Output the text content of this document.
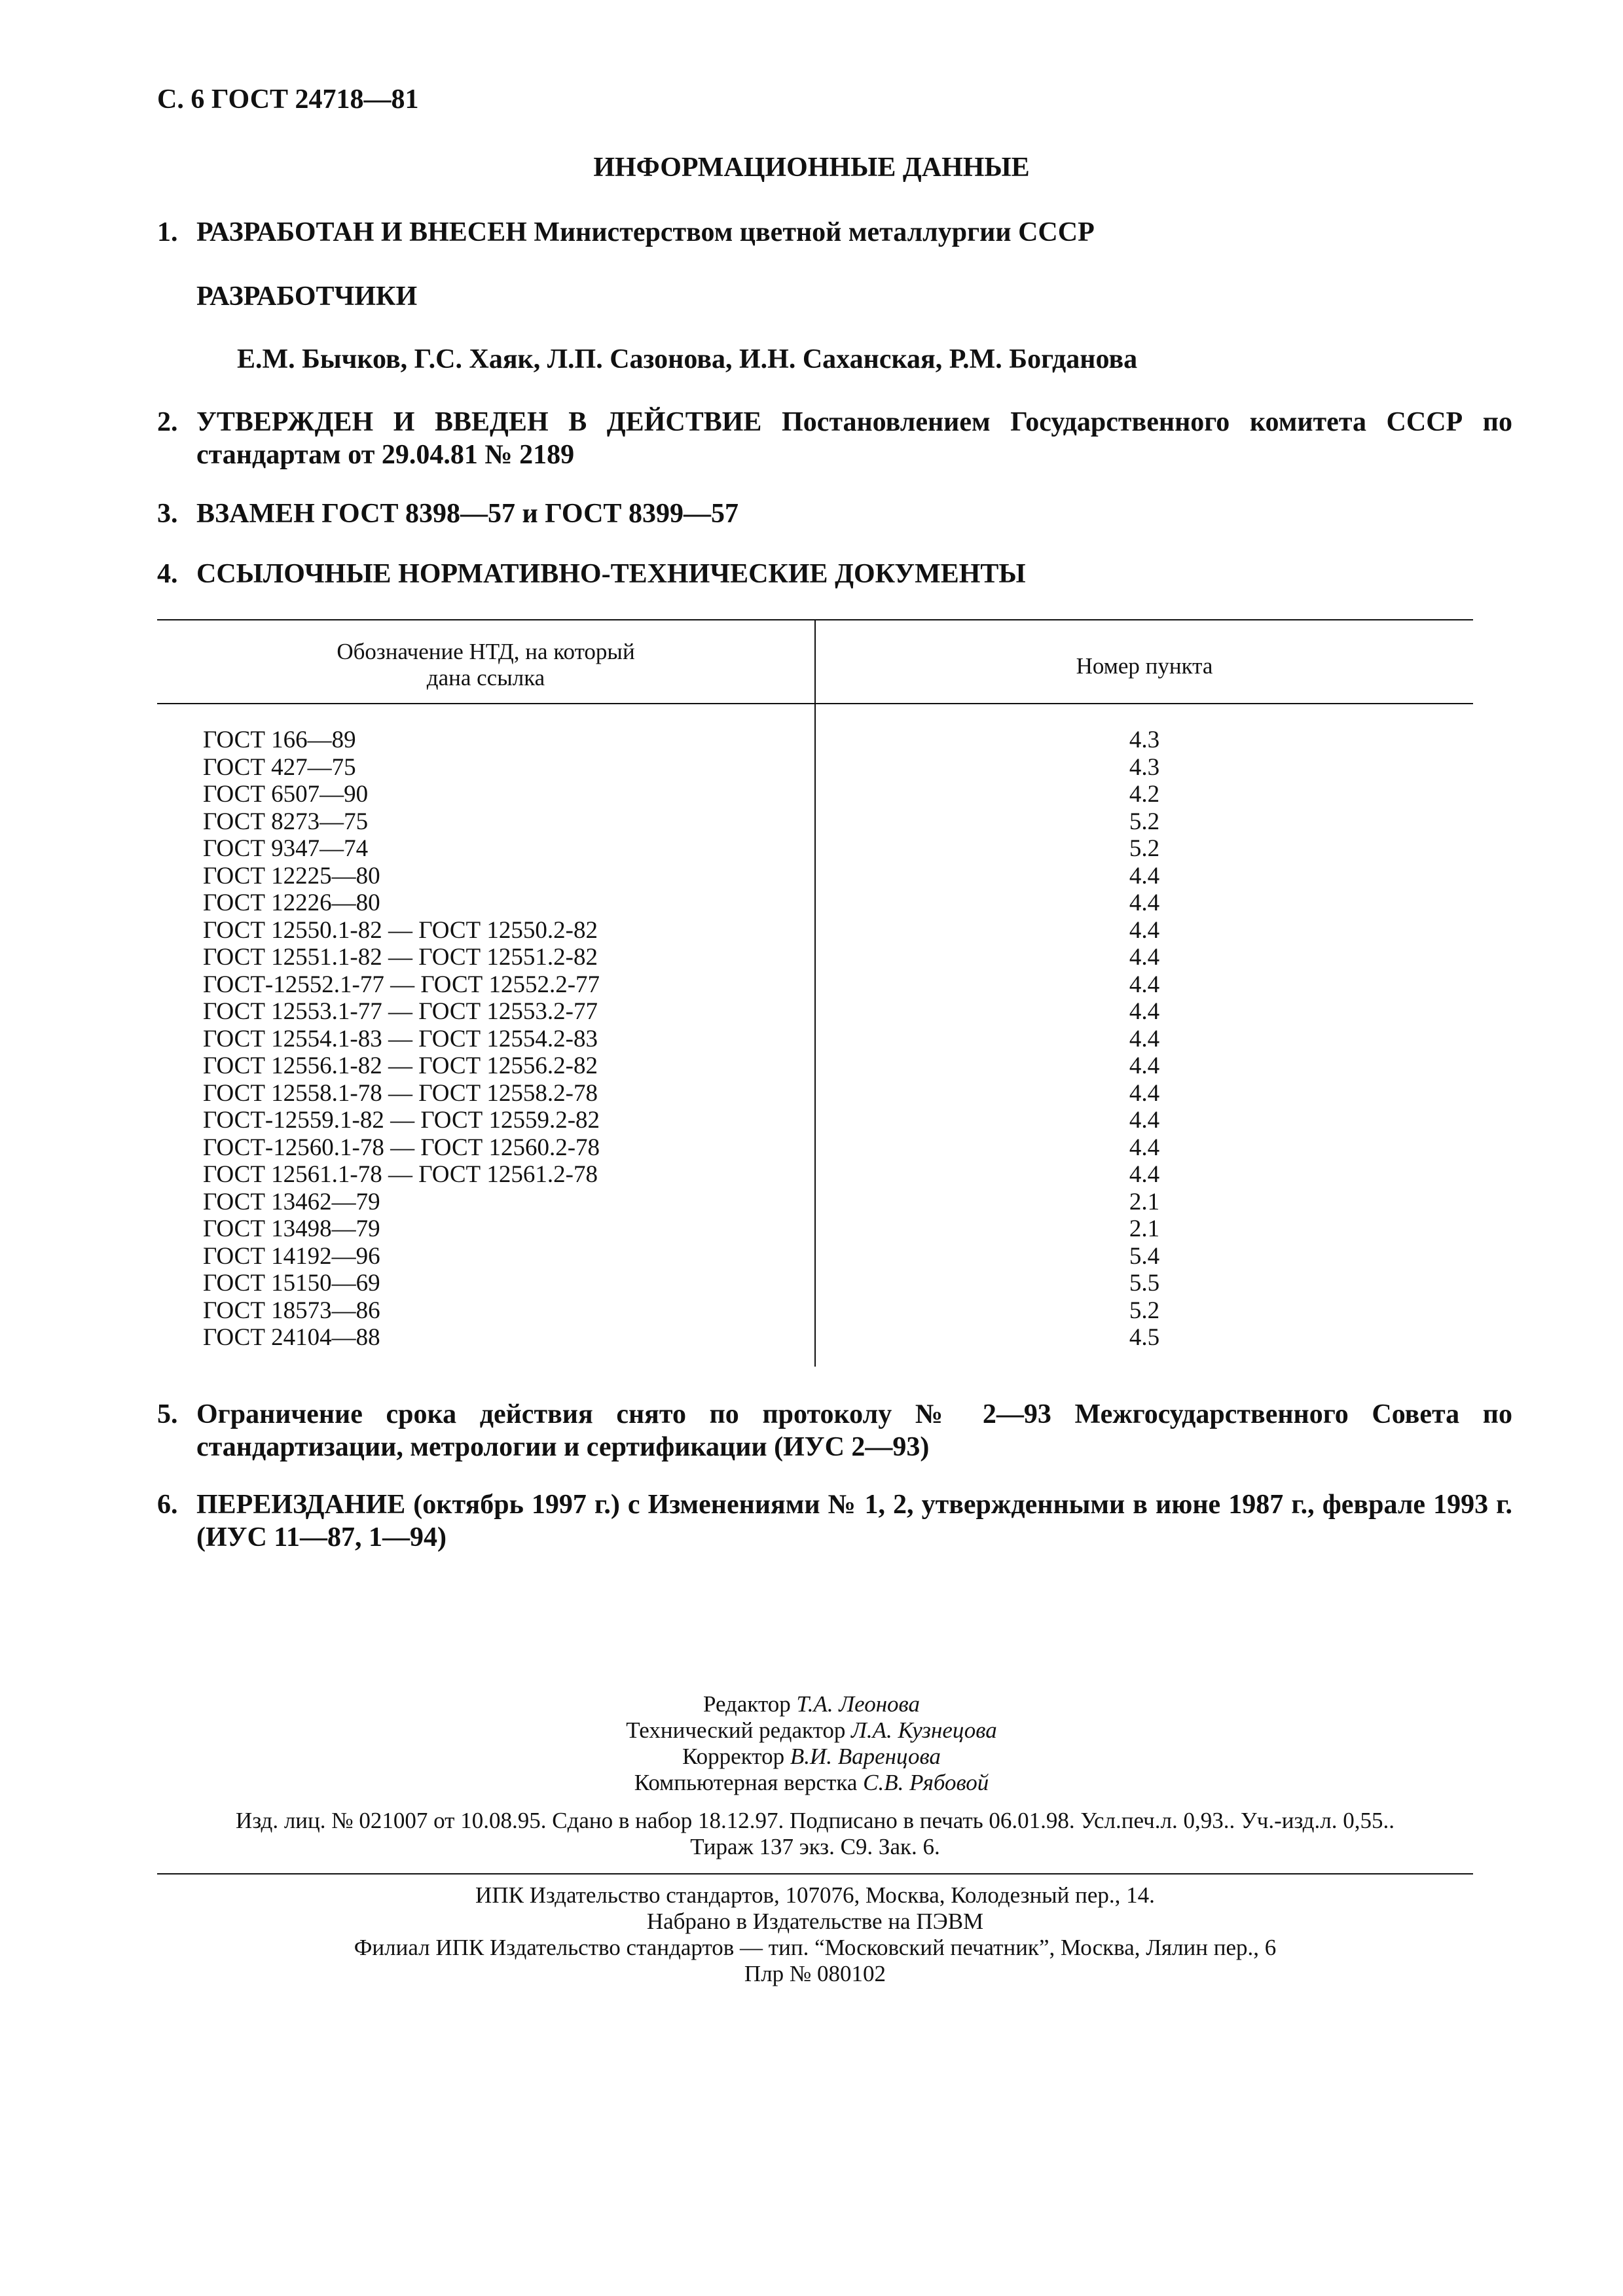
С. 6 ГОСТ 24718—81
ИНФОРМАЦИОННЫЕ ДАННЫЕ
1. РАЗРАБОТАН И ВНЕСЕН Министерством цветной металлургии СССР
РАЗРАБОТЧИКИ
Е.М. Бычков, Г.С. Хаяк, Л.П. Сазонова, И.Н. Саханская, Р.М. Богданова
2. УТВЕРЖДЕН И ВВЕДЕН В ДЕЙСТВИЕ Постановлением Государственного комитета СССР по стандартам от 29.04.81 № 2189
3. ВЗАМЕН ГОСТ 8398—57 и ГОСТ 8399—57
4. ССЫЛОЧНЫЕ НОРМАТИВНО-ТЕХНИЧЕСКИЕ ДОКУМЕНТЫ
Обозначение НТД, на который
дана ссылка	Номер пункта
ГОСТ 166—89	4.3
ГОСТ 427—75	4.3
ГОСТ 6507—90	4.2
ГОСТ 8273—75	5.2
ГОСТ 9347—74	5.2
ГОСТ 12225—80	4.4
ГОСТ 12226—80	4.4
ГОСТ 12550.1-82 — ГОСТ 12550.2-82	4.4
ГОСТ 12551.1-82 — ГОСТ 12551.2-82	4.4
ГОСТ-12552.1-77 — ГОСТ 12552.2-77	4.4
ГОСТ 12553.1-77 — ГОСТ 12553.2-77	4.4
ГОСТ 12554.1-83 — ГОСТ 12554.2-83	4.4
ГОСТ 12556.1-82 — ГОСТ 12556.2-82	4.4
ГОСТ 12558.1-78 — ГОСТ 12558.2-78	4.4
ГОСТ-12559.1-82 — ГОСТ 12559.2-82	4.4
ГОСТ-12560.1-78 — ГОСТ 12560.2-78	4.4
ГОСТ 12561.1-78 — ГОСТ 12561.2-78	4.4
ГОСТ 13462—79	2.1
ГОСТ 13498—79	2.1
ГОСТ 14192—96	5.4
ГОСТ 15150—69	5.5
ГОСТ 18573—86	5.2
ГОСТ 24104—88	4.5
5. Ограничение срока действия снято по протоколу № 2—93 Межгосударственного Совета по стандартизации, метрологии и сертификации (ИУС 2—93)
6. ПЕРЕИЗДАНИЕ (октябрь 1997 г.) с Изменениями № 1, 2, утвержденными в июне 1987 г., феврале 1993 г. (ИУС 11—87, 1—94)
Редактор Т.А. Леонова
Технический редактор Л.А. Кузнецова
Корректор В.И. Варенцова
Компьютерная верстка С.В. Рябовой
Изд. лиц. № 021007 от 10.08.95. Сдано в набор 18.12.97. Подписано в печать 06.01.98. Усл.печ.л. 0,93.. Уч.-изд.л. 0,55..
Тираж 137 экз. С9. Зак. 6.
ИПК Издательство стандартов, 107076, Москва, Колодезный пер., 14.
Набрано в Издательстве на ПЭВМ
Филиал ИПК Издательство стандартов — тип. “Московский печатник”, Москва, Лялин пер., 6
Плр № 080102
